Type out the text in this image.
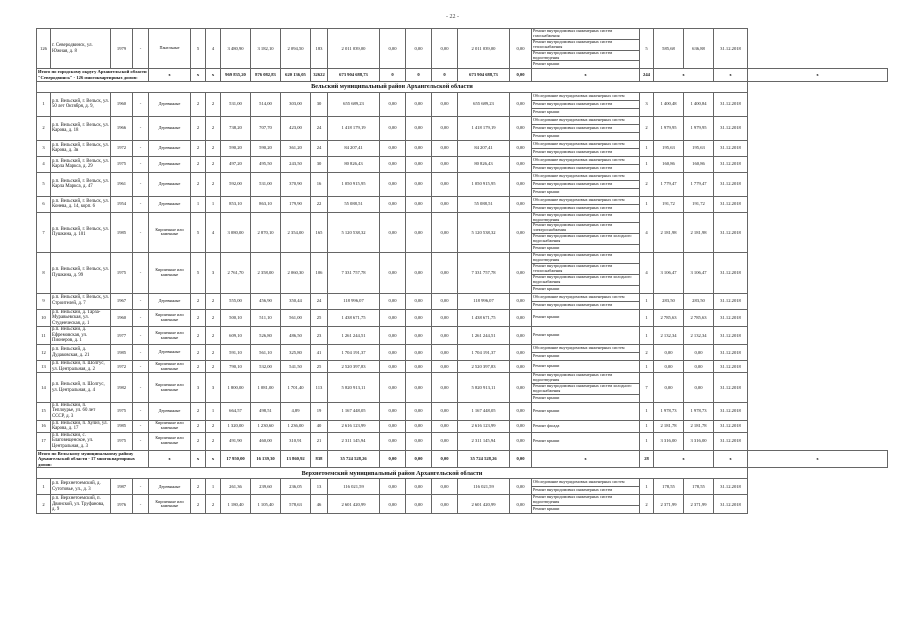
- 22 -
126	г. Северодвинск, ул. Южная, д. 8	1979	-	Панельные	5	4	3 480,90	3 182,10	2 094,50	183	2 011 039,00	0,00	0,00	0,00	2 011 039,00	0,00	Ремонт внутридомовых инженерных систем газоснабжения	5	585,68	636,88	31.12.2018	
																	Ремонт внутридомовых инженерных систем теплоснабжения					
																	Ремонт внутридомовых инженерных систем водоотведения					
																	Ремонт крыши					
Итого по городскому округу Архангельской области "Северодвинск" - 126 многоквартирных домов:				x	x	x	969 835,20	876 082,83	620 136,05	32622	673 904 688,73	0	0	0	673 904 688,73	0,00	x	244	x		x	x
Вельский муниципальный район Архангельской области																						
1	р.п. Вельский, г. Вельск, ул. 50 лет Октября, д. 9,	1960	-	Деревянные	2	2	531,00	514,00	303,00	30	655 689,23	0,00	0,00	0,00	655 689,23	0,00	Обследование внутридомовых инженерных систем	3	1 400,48	1 400,84	31.12.2018	
																	Ремонт внутридомовых инженерных систем					
																	Ремонт крыши					
2	р.п. Вельский, г. Вельск, ул. Карова, д. 18	1966	-	Деревянные	2	2	738,20	707,70	423,00	24	1 418 179,19	0,00	0,00	0,00	1 418 179,19	0,00	Обследование внутридомовых инженерных систем	2	1 979,95	1 979,95	31.12.2018	
																	Ремонт внутридомовых инженерных систем					
																	Ремонт крыши					
3	р.п. Вельский, г. Вельск, ул. Карова, д. 3в	1972	-	Деревянные	2	2	590,20	590,20	361,20	24	84 207,41	0,00	0,00	0,00	84 207,41	0,00	Обследование внутридомовых инженерных систем	1	195,63	195,63	31.12.2018	
																	Ремонт внутридомовых инженерных систем					
4	р.п. Вельский, г. Вельск, ул. Карла Маркса, д. 29	1975	-	Деревянные	2	2	497,20	495,50	243,50	30	80 826,43	0,00	0,00	0,00	80 826,43	0,00	Обследование внутридомовых инженерных систем	1	160,86	160,86	31.12.2018	
																	Ремонт внутридомовых инженерных систем					
5	р.п. Вельский, г. Вельск, ул. Карла Маркса, д. 47	1961	-	Деревянные	2	2	592,00	531,00	370,90	16	1 050 915,95	0,00	0,00	0,00	1 050 915,95	0,00	Обследование внутридомовых инженерных систем	2	1 779,47	1 779,47	31.12.2018	
																	Ремонт внутридомовых инженерных систем					
																	Ремонт крыши					
6	р.п. Вельский, г. Вельск, ул. Конева, д. 14, корп. 6	1954	-	Деревянные	1	1	853,10	863,10	179,90	22	55 088,51	0,00	0,00	0,00	55 088,51	0,00	Обследование внутридомовых инженерных систем	1	191,72	191,72	31.12.2018	
																	Ремонт внутридомовых инженерных систем					
7	р.п. Вельский, г. Вельск, ул. Пушкина, д. 101	1985	-	Кирпичные или каменные	5	4	3 080,00	2 870,10	2 354,00	165	5 120 538,32	0,00	0,00	0,00	5 120 538,32	0,00	Ремонт внутридомовых инженерных систем водоотведения	4	2 181,98	2 181,98	31.12.2018	
																	Ремонт внутридомовых инженерных систем электроснабжения					
																	Ремонт внутридомовых инженерных систем холодного водоснабжения					
																	Ремонт крыши					
8	р.п. Вельский, г. Вельск, ул. Пушкина, д. 99	1975	-	Кирпичные или каменные	5	3	2 761,70	2 358,00	2 060,30	106	7 331 757,78	0,00	0,00	0,00	7 331 757,78	0,00	Ремонт внутридомовых инженерных систем водоотведения	4	3 106,47	3 106,47	31.12.2018	
																	Ремонт внутридомовых инженерных систем теплоснабжения					
																	Ремонт внутридомовых инженерных систем холодного водоснабжения					
																	Ремонт крыши					
9	р.п. Вельский, г. Вельск, ул. Строителей, д. 7	1967	-	Деревянные	2	2	555,00	456,90	350,44	24	118 996,07	0,00	0,00	0,00	118 996,07	0,00	Обследование внутридомовых инженерных систем	1	283,50	283,50	31.12.2018	
																	Ремонт внутридомовых инженерных систем					
10	р.п. Вельский, д. Тарза-Муравьевская, ул. Студенческая, д. 1	1960	-	Кирпичные или каменные	2	2	500,10	511,10	561,00	25	1 438 671,75	0,00	0,00	0,00	1 438 671,75	0,00	Ремонт крыши	1	2 785,63	2 785,63	31.12.2018	
11	р.п. Вельский, д. Ефремовская, ул. Пионеров, д. 1	1977	-	Кирпичные или каменные	2	2	609,10	526,80	486,50	23	1 261 244,51	0,00	0,00	0,00	1 261 244,51	0,00	Ремонт крыши	1	2 132,34	2 132,34	31.12.2018	
12	р.п. Вельский, д. Дудаковская, д. 21	1985	-	Деревянные	2	2	591,10	561,10	325,80	41	1 704 191,37	0,00	0,00	0,00	1 704 191,37	0,00	Обследование внутридомовых инженерных систем	2	0,00	0,00	31.12.2018	
																	Ремонт крыши					
13	р.п. Вельский, п. Шолгус, ул. Центральная, д. 2	1972	-	Кирпичные или каменные	2	2	790,10	532,00	541,50	25	2 520 397,83	0,00	0,00	0,00	2 520 397,83	0,00	Ремонт крыши	1	0,00	0,00	31.12.2018	
14	р.п. Вельский, п. Шолгус, ул. Центральная, д. 4	1982	-	Кирпичные или каменные	3	3	1 800,00	1 081,00	1 701,40	113	5 820 913,11	0,00	0,00	0,00	5 820 913,11	0,00	Ремонт внутридомовых инженерных систем водоотведения	7	0,00	0,00	31.12.2018	
																	Ремонт внутридомовых инженерных систем холодного водоснабжения					
																	Ремонт крыши					
15	р.п. Вельский, п. Теплоурье, ул. 60 лет СССР, д. 3	1975	-	Деревянные	2	1	664,57	498,51	4,89	19	1 167 448,05	0,00	0,00	0,00	1 167 448,05	0,00	Ремонт крыши	1	1 978,73	1 978,73	31.12.2018	
16	р.п. Вельский, п. Хулиз, ул. Карова, д. 17	1985	-	Кирпичные или каменные	2	2	1 320,00	1 230,60	1 236,00	40	2 616 123,99	0,00	0,00	0,00	2 616 123,99	0,00	Ремонт фасада	1	2 181,78	2 181,78	31.12.2018	
17	р.п. Вельский, с. Благовещенское, ул. Центральная, д. 3	1975	-	Кирпичные или каменные	2	2	491,90	460,00	310,91	21	2 311 145,94	0,00	0,00	0,00	2 311 145,94	0,00	Ремонт крыши	1	3 316,00	3 316,00	31.12.2018	
Итого по Вельскому муниципальному району Архангельской области - 17 многоквартирных домов:				x	x	x	17 950,00	16 139,30	13 860,92	838	35 724 528,26	0,00	0,00	0,00	35 724 528,26	0,00	x	28	x		x	x
Верхнетоемский муниципальный район Архангельской области																						
1	р.п. Верхнетоемский, д. Сутотовье, ул., д. 3	1987	-	Деревянные	2	1	261,36	239,60	236,05	13	116 021,59	0,00	0,00	0,00	116 021,59	0,00	Обследование внутридомовых инженерных систем	1	178,55	178,55	31.12.2018	
																	Ремонт внутридомовых инженерных систем					
2	р.п. Верхнетоемский, п. Двинской, ул. Труфанова, д. 9	1976	-	Кирпичные или каменные	2	2	1 180,40	1 105,40	578,63	46	2 601 420,99	0,00	0,00	0,00	2 601 420,99	0,00	Ремонт внутридомовых инженерных систем водоотведения	2	2 371,99	2 371,99	31.12.2018	
																	Ремонт крыши					
